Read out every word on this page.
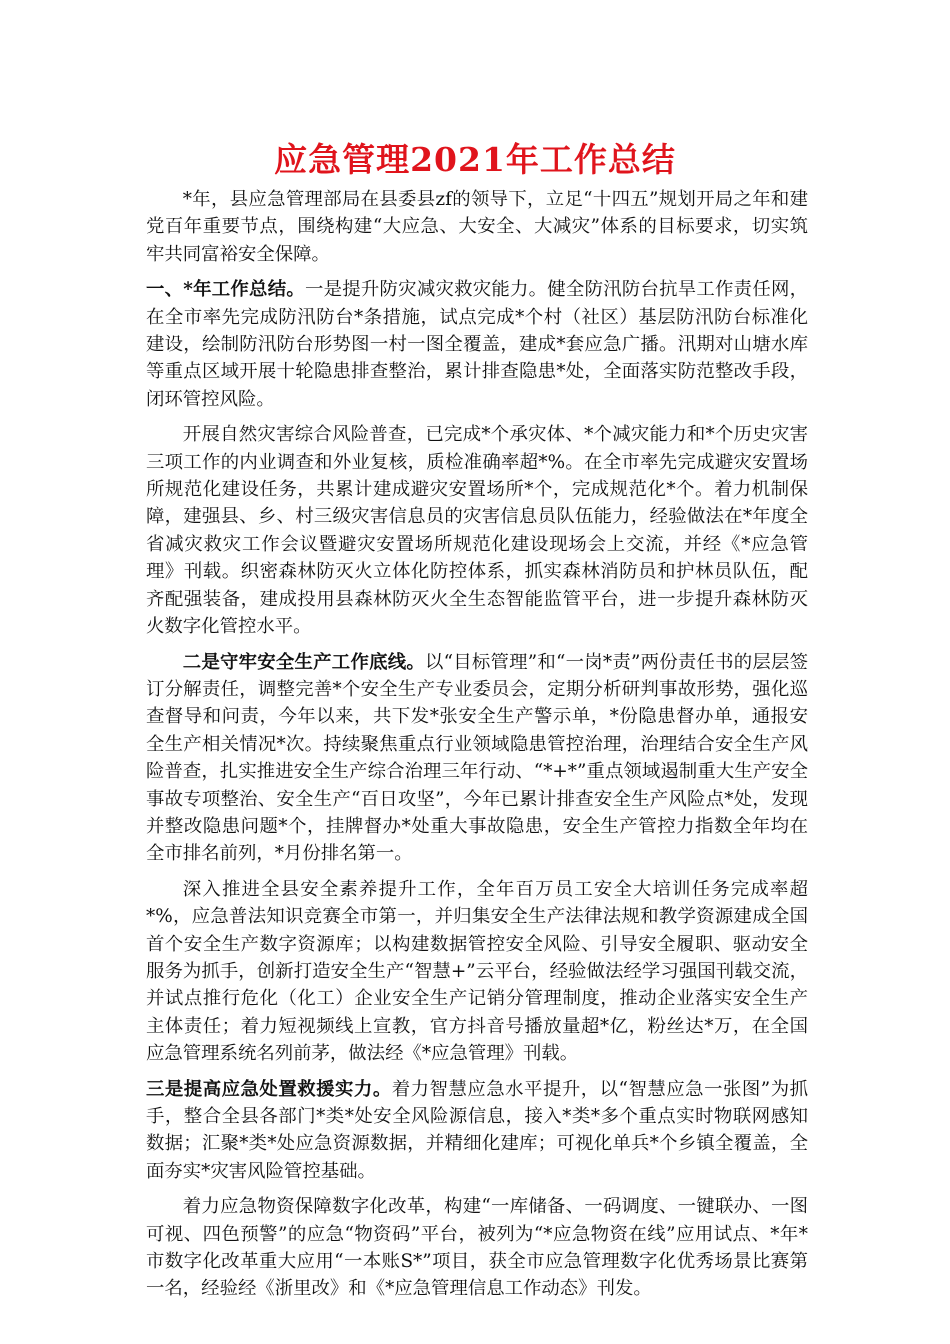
应急管理2021年工作总结

*年，县应急管理部局在县委县zf的领导下，立足“十四五”规划开局之年和建党百年重要节点，围绕构建“大应急、大安全、大减灾”体系的目标要求，切实筑牢共同富裕安全保障。

一、*年工作总结。一是提升防灾减灾救灾能力。健全防汛防台抗旱工作责任网，在全市率先完成防汛防台*条措施，试点完成*个村（社区）基层防汛防台标准化建设，绘制防汛防台形势图一村一图全覆盖，建成*套应急广播。汛期对山塘水库等重点区域开展十轮隐患排查整治，累计排查隐患*处，全面落实防范整改手段，闭环管控风险。

开展自然灾害综合风险普查，已完成*个承灾体、*个减灾能力和*个历史灾害三项工作的内业调查和外业复核，质检准确率超*%。在全市率先完成避灾安置场所规范化建设任务，共累计建成避灾安置场所*个，完成规范化*个。着力机制保障，建强县、乡、村三级灾害信息员的灾害信息员队伍能力，经验做法在*年度全省减灾救灾工作会议暨避灾安置场所规范化建设现场会上交流，并经《*应急管理》刊载。织密森林防灭火立体化防控体系，抓实森林消防员和护林员队伍，配齐配强装备，建成投用县森林防灭火全生态智能监管平台，进一步提升森林防灭火数字化管控水平。

二是守牢安全生产工作底线。以“目标管理”和“一岗*责”两份责任书的层层签订分解责任，调整完善*个安全生产专业委员会，定期分析研判事故形势，强化巡查督导和问责，今年以来，共下发*张安全生产警示单，*份隐患督办单，通报安全生产相关情况*次。持续聚焦重点行业领域隐患管控治理，治理结合安全生产风险普查，扎实推进安全生产综合治理三年行动、“*+*”重点领域遏制重大生产安全事故专项整治、安全生产“百日攻坚”，今年已累计排查安全生产风险点*处，发现并整改隐患问题*个，挂牌督办*处重大事故隐患，安全生产管控力指数全年均在全市排名前列，*月份排名第一。

深入推进全县安全素养提升工作，全年百万员工安全大培训任务完成率超*%，应急普法知识竞赛全市第一，并归集安全生产法律法规和教学资源建成全国首个安全生产数字资源库；以构建数据管控安全风险、引导安全履职、驱动安全服务为抓手，创新打造安全生产“智慧+”云平台，经验做法经学习强国刊载交流，并试点推行危化（化工）企业安全生产记销分管理制度，推动企业落实安全生产主体责任；着力短视频线上宣教，官方抖音号播放量超*亿，粉丝达*万，在全国应急管理系统名列前茅，做法经《*应急管理》刊载。

三是提高应急处置救援实力。着力智慧应急水平提升，以“智慧应急一张图”为抓手，整合全县各部门*类*处安全风险源信息，接入*类*多个重点实时物联网感知数据；汇聚*类*处应急资源数据，并精细化建库；可视化单兵*个乡镇全覆盖，全面夯实*灾害风险管控基础。

着力应急物资保障数字化改革，构建“一库储备、一码调度、一键联办、一图可视、四色预警”的应急“物资码”平台，被列为“*应急物资在线”应用试点、*年*市数字化改革重大应用“一本账S*”项目，获全市应急管理数字化优秀场景比赛第一名，经验经《浙里改》和《*应急管理信息工作动态》刊发。
